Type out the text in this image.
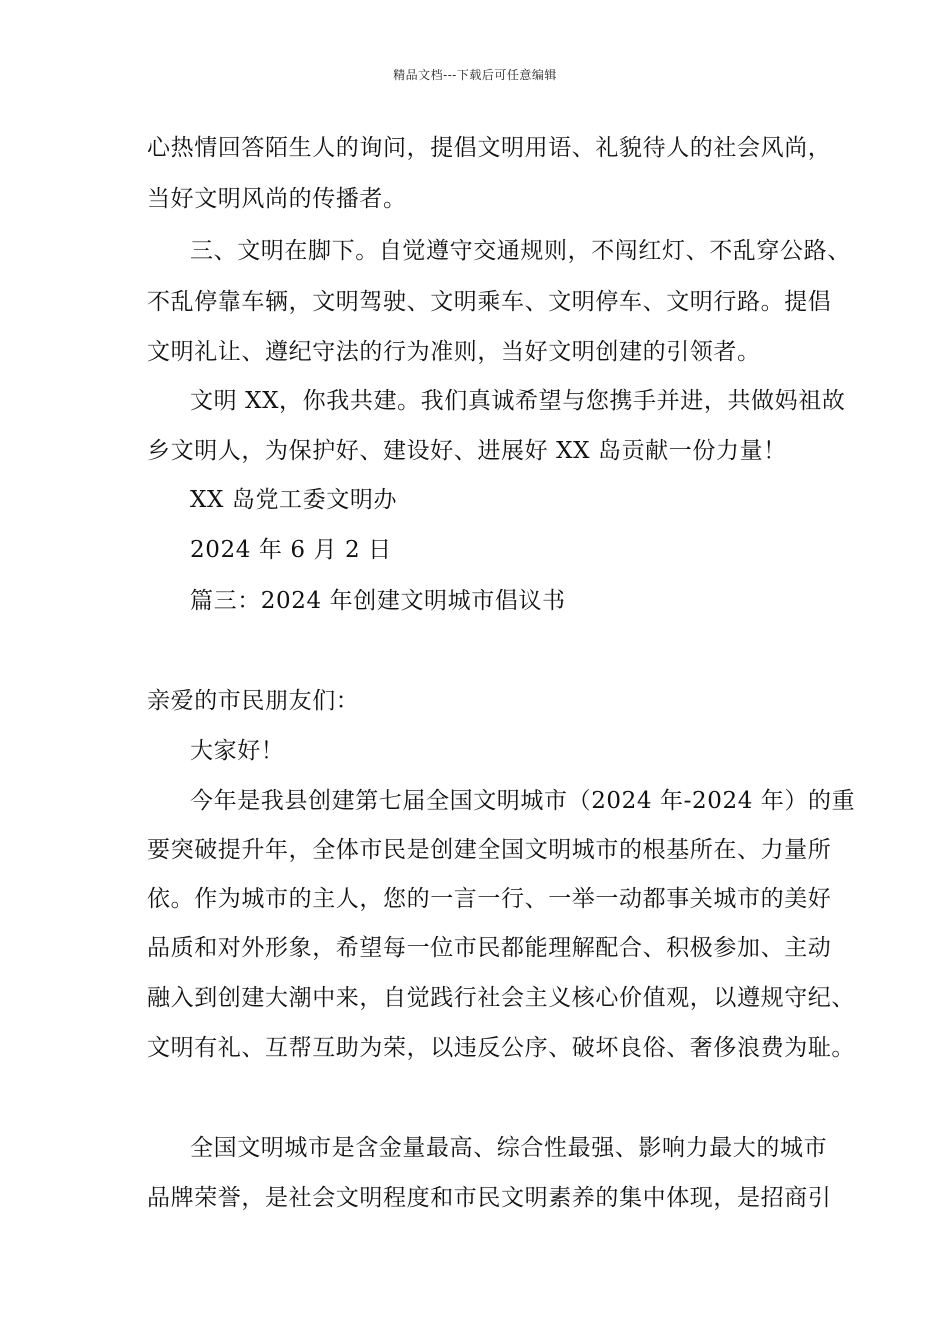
精品文档---下载后可任意编辑
心热情回答陌生人的询问，提倡文明用语、礼貌待人的社会风尚，
当好文明风尚的传播者。
三、文明在脚下。自觉遵守交通规则，不闯红灯、不乱穿公路、
不乱停靠车辆，文明驾驶、文明乘车、文明停车、文明行路。提倡
文明礼让、遵纪守法的行为准则，当好文明创建的引领者。
文明 XX，你我共建。我们真诚希望与您携手并进，共做妈祖故
乡文明人，为保护好、建设好、进展好 XX 岛贡献一份力量！
XX 岛党工委文明办
2024 年 6 月 2 日
篇三：2024 年创建文明城市倡议书
亲爱的市民朋友们：
大家好！
今年是我县创建第七届全国文明城市（2024 年-2024 年）的重
要突破提升年，全体市民是创建全国文明城市的根基所在、力量所
依。作为城市的主人，您的一言一行、一举一动都事关城市的美好
品质和对外形象，希望每一位市民都能理解配合、积极参加、主动
融入到创建大潮中来，自觉践行社会主义核心价值观，以遵规守纪、
文明有礼、互帮互助为荣，以违反公序、破坏良俗、奢侈浪费为耻。
全国文明城市是含金量最高、综合性最强、影响力最大的城市
品牌荣誉，是社会文明程度和市民文明素养的集中体现，是招商引
